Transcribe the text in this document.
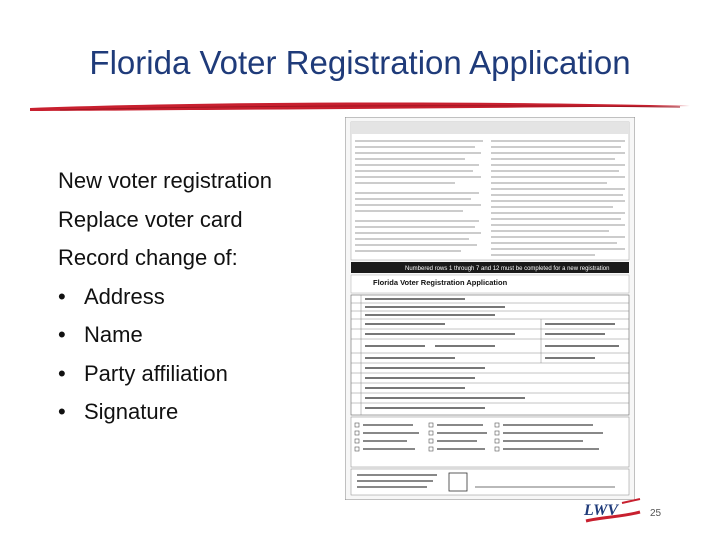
Florida Voter Registration Application
New voter registration
Replace voter card
Record change of:
• Address
• Name
• Party affiliation
• Signature
Numbered rows 1 through 7 and 12 must be completed for a new registration
Florida Voter Registration Application
LWV	25
